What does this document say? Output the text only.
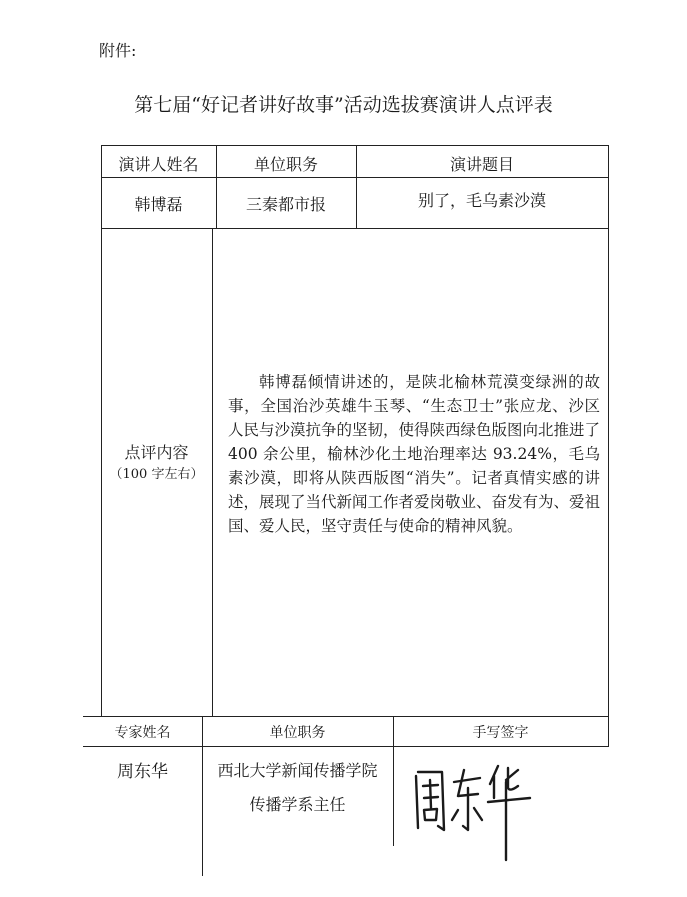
附件:
第七届“好记者讲好故事”活动选拔赛演讲人点评表
演讲人姓名	单位职务	演讲题目
韩博磊	三秦都市报	别了，毛乌素沙漠
点评内容
（100 字左右）

韩博磊倾情讲述的，是陕北榆林荒漠变绿洲的故事，全国治沙英雄牛玉琴、“生态卫士”张应龙、沙区人民与沙漠抗争的坚韧，使得陕西绿色版图向北推进了 400 余公里，榆林沙化土地治理率达 93.24%，毛乌素沙漠，即将从陕西版图“消失”。记者真情实感的讲述，展现了当代新闻工作者爱岗敬业、奋发有为、爱祖国、爱人民，坚守责任与使命的精神风貌。

专家姓名	单位职务	手写签字
周东华	西北大学新闻传播学院
传播学系主任
